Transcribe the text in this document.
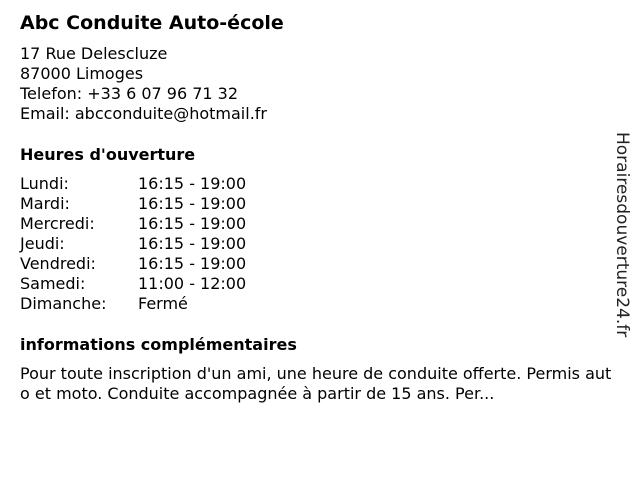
Abc Conduite Auto-école
17 Rue Delescluze
87000 Limoges
Telefon: +33 6 07 96 71 32
Email: abcconduite@hotmail.fr
Heures d'ouverture
Lundi:	16:15 - 19:00
Mardi:	16:15 - 19:00
Mercredi:	16:15 - 19:00
Jeudi:	16:15 - 19:00
Vendredi:	16:15 - 19:00
Samedi:	11:00 - 12:00
Dimanche:	Fermé
informations complémentaires
Pour toute inscription d'un ami, une heure de conduite offerte. Permis auto et moto. Conduite accompagnée à partir de 15 ans. Per...
Horairesdouverture24.fr
